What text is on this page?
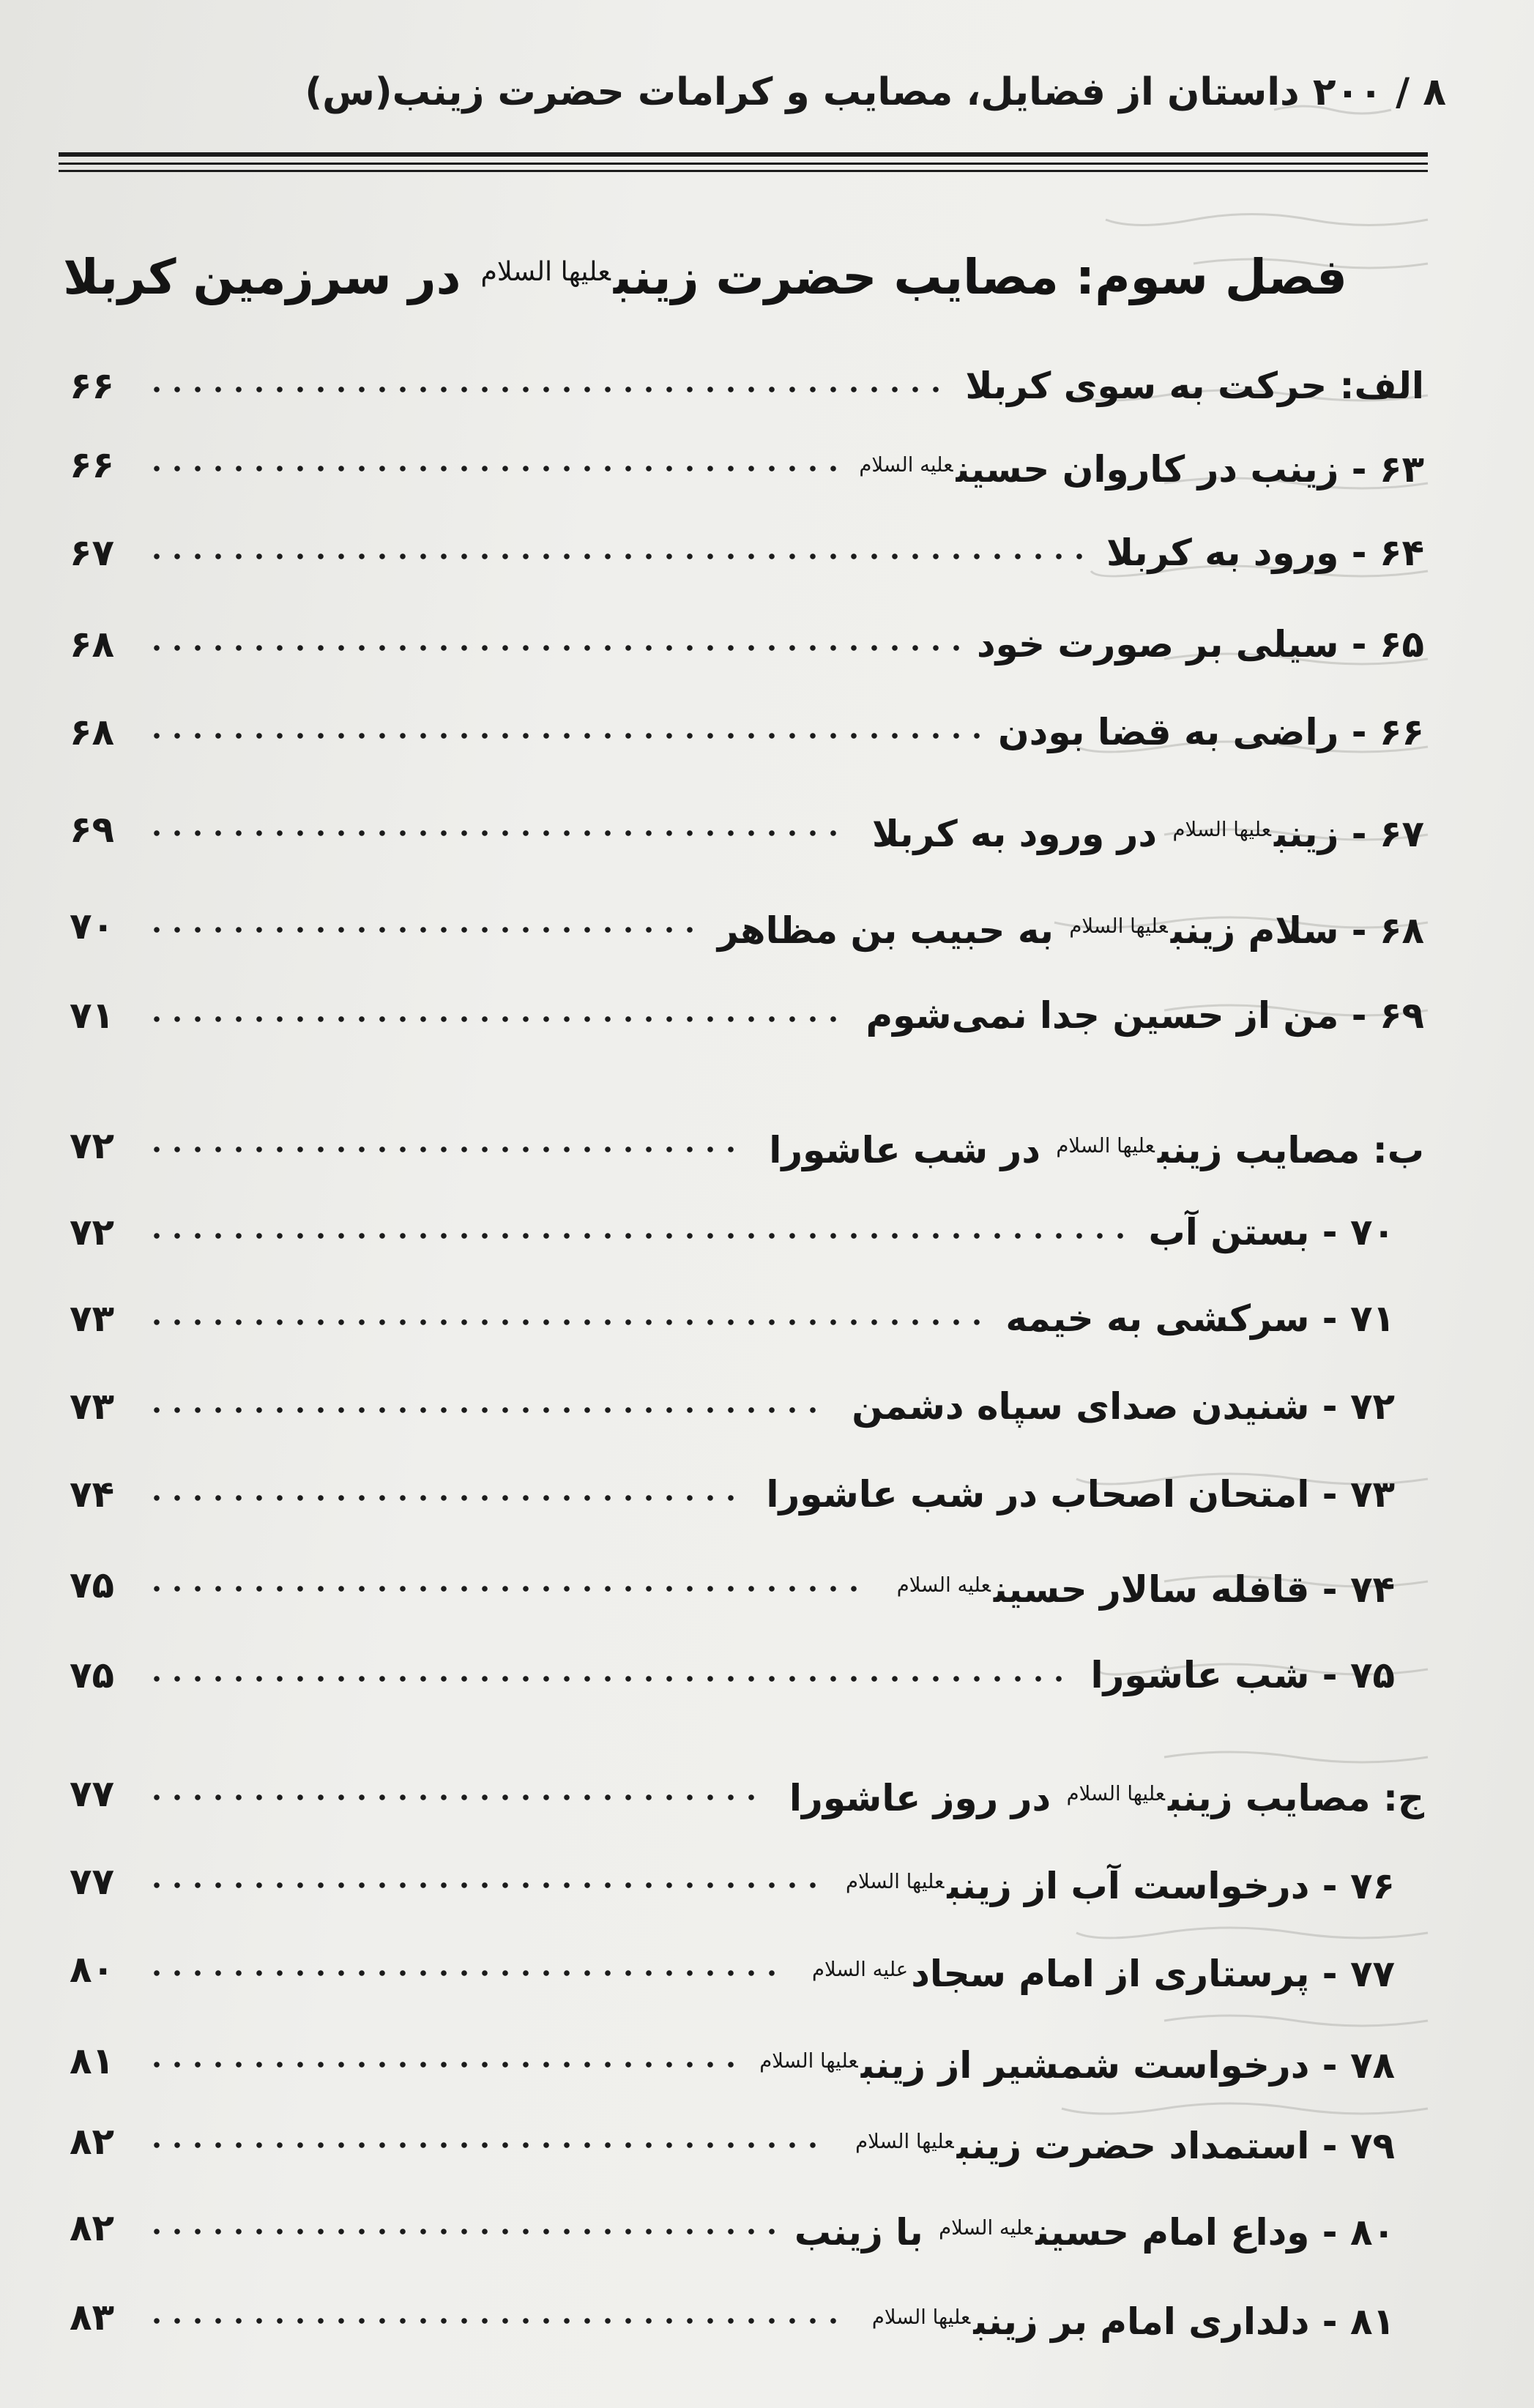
۸ / ۲۰۰ داستان از فضایل، مصایب و کرامات حضرت زینب(س)
فصل سوم: مصایب حضرت زینب$^{عليها السلام}$ در سرزمین کربلا
الف: حرکت به سوی کربلا
۶۶
۶۳ - زینب در کاروان حسین$^{عليه السلام}$
۶۶
۶۴ - ورود به کربلا
۶۷
۶۵ - سیلی بر صورت خود
۶۸
۶۶ - راضی به قضا بودن
۶۸
۶۷ - زینب$^{عليها السلام}$ در ورود به کربلا
۶۹
۶۸ - سلام زینب$^{عليها السلام}$ به حبیب بن مظاهر
۷۰
۶۹ - من از حسین جدا نمی‌شوم
۷۱
ب: مصایب زینب$^{عليها السلام}$ در شب عاشورا
۷۲
۷۰ - بستن آب
۷۲
۷۱ - سرکشی به خیمه
۷۳
۷۲ - شنیدن صدای سپاه دشمن
۷۳
۷۳ - امتحان اصحاب در شب عاشورا
۷۴
۷۴ - قافله سالار حسین$^{عليه السلام}$
۷۵
۷۵ - شب عاشورا
۷۵
ج: مصایب زینب$^{عليها السلام}$ در روز عاشورا
۷۷
۷۶ - درخواست آب از زینب$^{عليها السلام}$
۷۷
۷۷ - پرستاری از امام سجاد$^{عليه السلام}$
۸۰
۷۸ - درخواست شمشیر از زینب$^{عليها السلام}$
۸۱
۷۹ - استمداد حضرت زینب$^{عليها السلام}$
۸۲
۸۰ - وداع امام حسین$^{عليه السلام}$ با زینب
۸۲
۸۱ - دلداری امام بر زینب$^{عليها السلام}$
۸۳
